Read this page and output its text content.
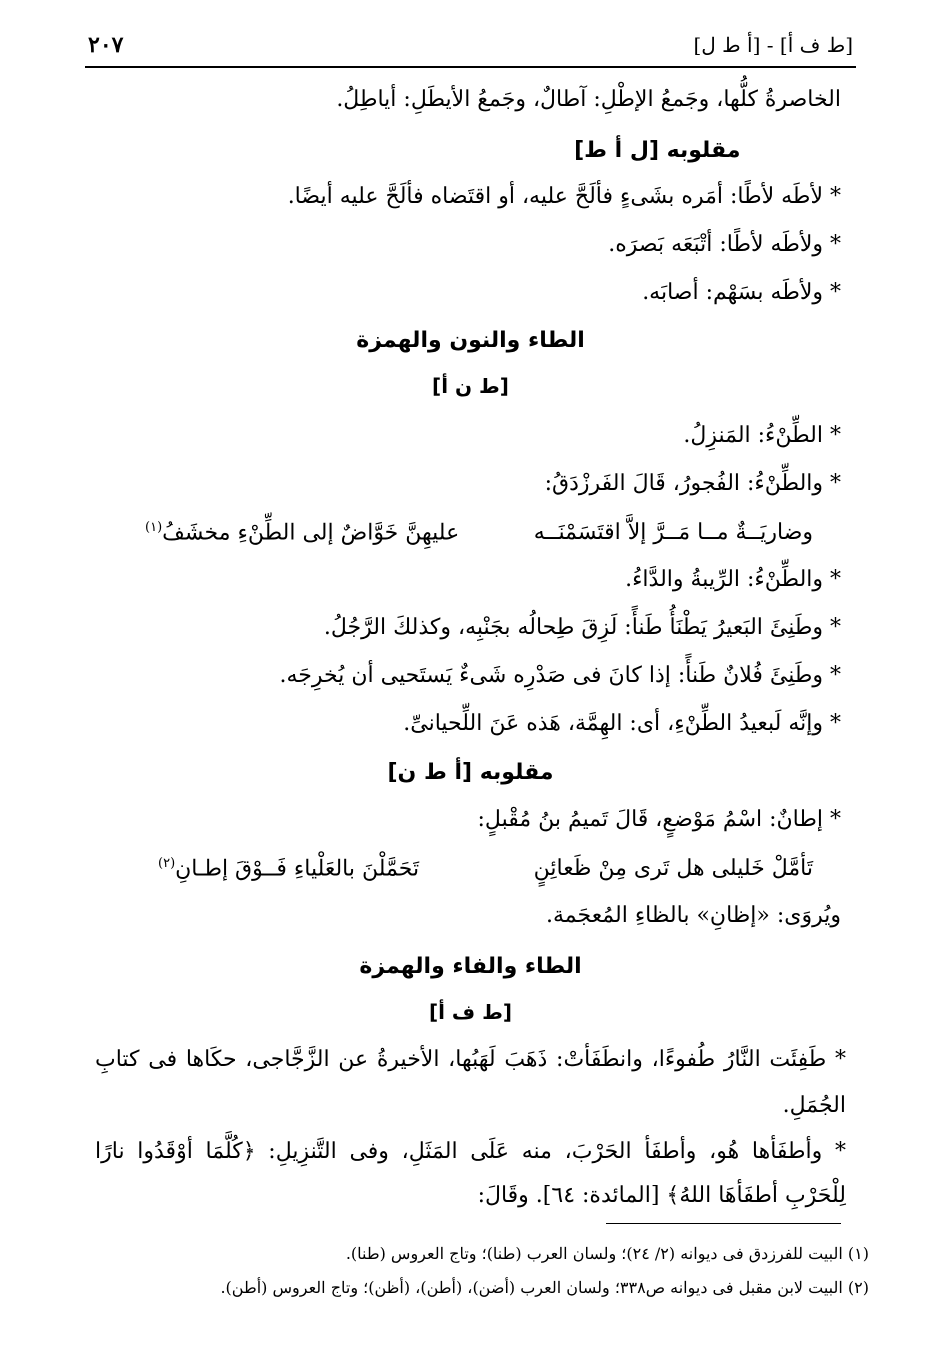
٢٠٧	[أ ط ل] - [ط ف أ]
الخاصرةُ كلُّها، وجَمعُ الإطْلِ: آطالٌ، وجَمعُ الأيطَلِ: أياطِلُ.
مقلوبه [ل أ ط]
* لأطَه لأطًا: أمَره بشَىءٍ فألَحَّ عليه، أو اقتَضاه فألَحَّ عليه أيضًا.
* ولأطَه لأطًا: أتْبَعَه بَصرَه.
* ولأطَه بسَهْم: أصابَه.
الطاء والنون والهمزة
[ط ن أ]
* الطِّنْءُ: المَنزِلُ.
* والطِّنْءُ: الفُجورُ، قَالَ الفَرزْدَقُ:
وضاريَــةٌ مــا مَــرَّ إلاَّ اقتَسَمْنَــه
عليهِنَّ خَوَّاضٌ إلى الطِّنْءِ مخشَفُ$^{(١)}$
* والطِّنْءُ: الرِّيبةُ والدَّاءُ.
* وطَنِئَ البَعيرُ يَطْنَأُ طَنأً: لَزِقَ طِحالُه بجَنْبِه، وكذلكَ الرَّجُلُ.
* وطَنِئَ فُلانٌ طَنأً: إذا كانَ فى صَدْرِه شَىءٌ يَستَحيى أن يُخرِجَه.
* وإنَّه لَبعيدُ الطِّنْءِ، أى: الهِمَّة، هَذه عَنَ اللِّحيانىِّ.
مقلوبه [أ ط ن]
* إطانٌ: اسْمُ مَوْضعٍ، قَالَ تَميمُ بنُ مُقْبلٍ:
تَأمَّلْ خَليلى هل تَرى مِنْ ظَعائِنٍ
تَحَمَّلْنَ بالعَلْياءِ فَــوْقَ إطـانِ$^{(٢)}$
ويُروَى: «إظانِ» بالظاءِ المُعجَمة.
الطاء والفاء والهمزة
[ط ف أ]
* طَفِئَت النَّارُ طُفوءًا، وانطَفَأتْ: ذَهَبَ لَهَبُها، الأخيرةُ عن الزَّجَّاجى، حكَاها فى كتابِ
الجُمَلِ.
* وأطفَأها هُو، وأطفَأ الحَرْبَ، منه عَلَى المَثَلِ، وفى التَّنزِيلِ: ﴿كُلَّمَا أوْقَدُوا نارًا
لِلْحَرْبِ أطفَأهَا اللهُ﴾ [المائدة: ٦٤]. وقَالَ:
(١) البيت للفرزدق فى ديوانه (٢/ ٢٤)؛ ولسان العرب (طنا)؛ وتاج العروس (طنا).
(٢) البيت لابن مقبل فى ديوانه ص٣٣٨؛ ولسان العرب (أضن)، (أطن)، (أظن)؛ وتاج العروس (أطن).
